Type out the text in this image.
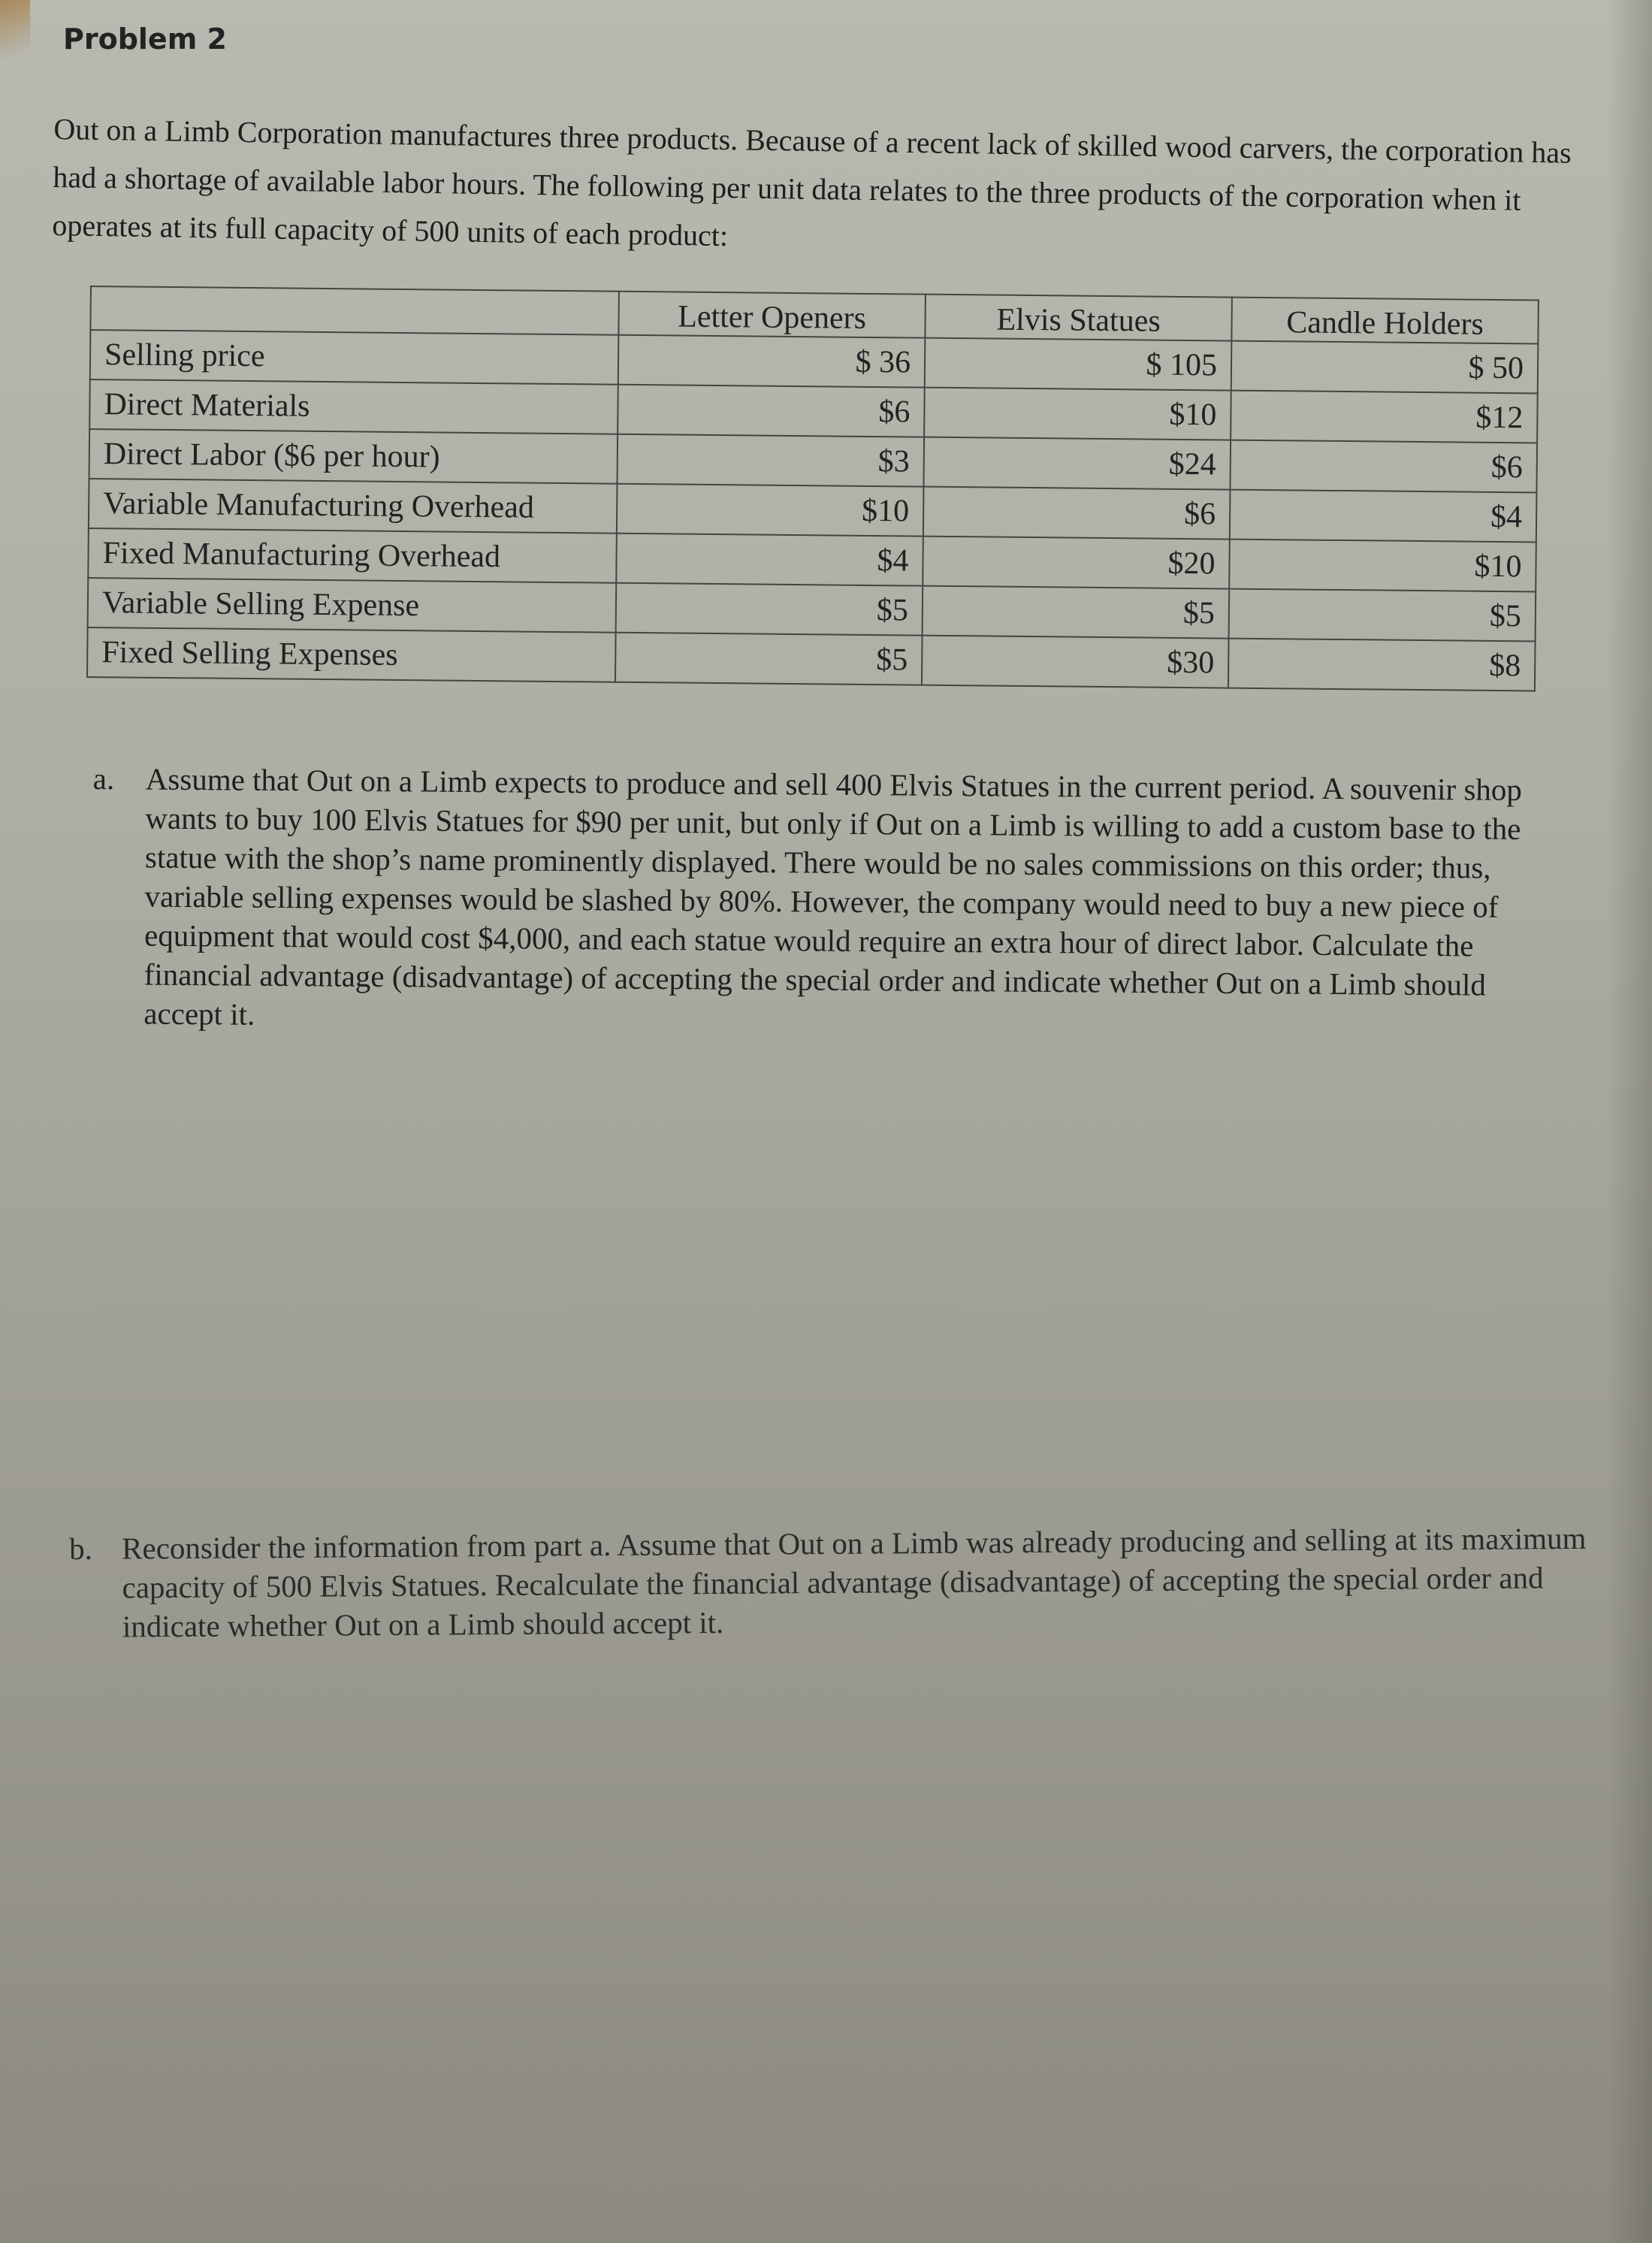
Problem 2
Out on a Limb Corporation manufactures three products. Because of a recent lack of skilled wood carvers, the corporation has had a shortage of available labor hours. The following per unit data relates to the three products of the corporation when it operates at its full capacity of 500 units of each product:
	Letter Openers	Elvis Statues	Candle Holders
Selling price	$ 36	$ 105	$ 50
Direct Materials	$6	$10	$12
Direct Labor ($6 per hour)	$3	$24	$6
Variable Manufacturing Overhead	$10	$6	$4
Fixed Manufacturing Overhead	$4	$20	$10
Variable Selling Expense	$5	$5	$5
Fixed Selling Expenses	$5	$30	$8
a. Assume that Out on a Limb expects to produce and sell 400 Elvis Statues in the current period. A souvenir shop wants to buy 100 Elvis Statues for $90 per unit, but only if Out on a Limb is willing to add a custom base to the statue with the shop’s name prominently displayed. There would be no sales commissions on this order; thus, variable selling expenses would be slashed by 80%. However, the company would need to buy a new piece of equipment that would cost $4,000, and each statue would require an extra hour of direct labor. Calculate the financial advantage (disadvantage) of accepting the special order and indicate whether Out on a Limb should accept it.
b. Reconsider the information from part a. Assume that Out on a Limb was already producing and selling at its maximum capacity of 500 Elvis Statues. Recalculate the financial advantage (disadvantage) of accepting the special order and indicate whether Out on a Limb should accept it.
